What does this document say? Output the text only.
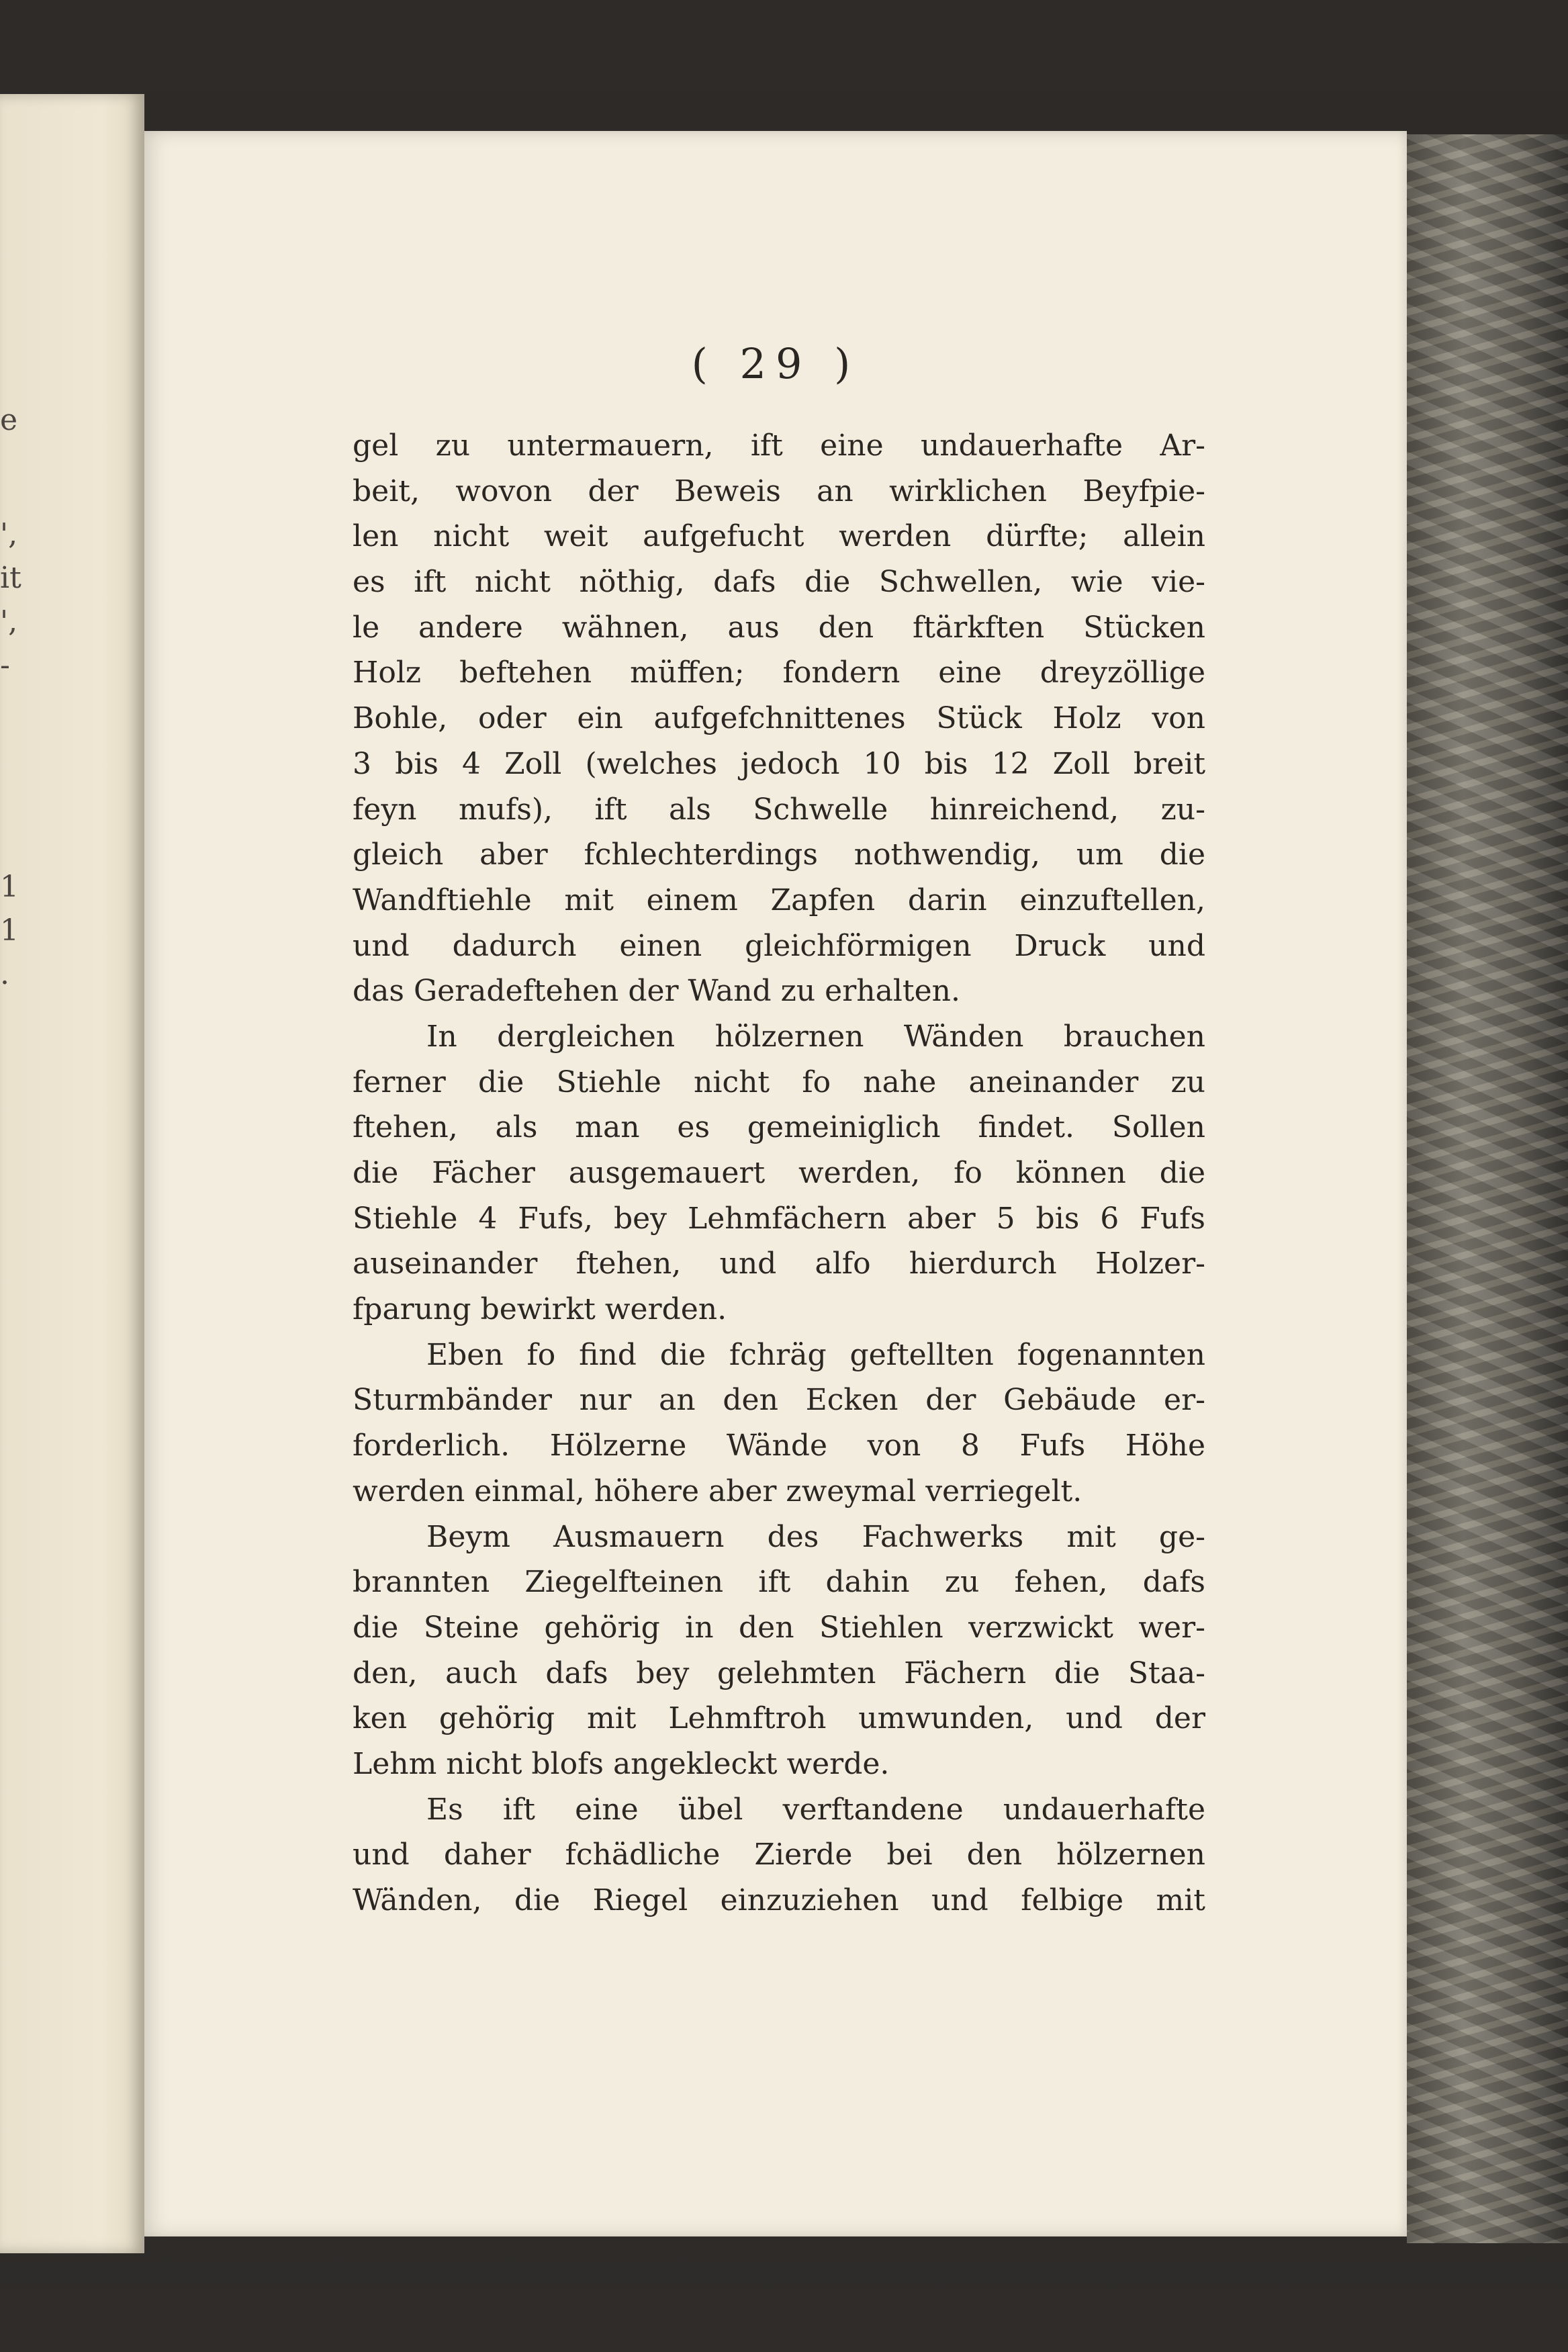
e
',
it
',
-
1
1
.
( 29 )
gel zu untermauern, ift eine undauerhafte Ar-
beit, wovon der Beweis an wirklichen Beyfpie-
len nicht weit aufgefucht werden dürfte; allein
es ift nicht nöthig, dafs die Schwellen, wie vie-
le andere wähnen, aus den ftärkften Stücken
Holz beftehen müffen; fondern eine dreyzöllige
Bohle, oder ein aufgefchnittenes Stück Holz von
3 bis 4 Zoll (welches jedoch 10 bis 12 Zoll breit
feyn mufs), ift als Schwelle hinreichend, zu-
gleich aber fchlechterdings nothwendig, um die
Wandftiehle mit einem Zapfen darin einzuftellen,
und dadurch einen gleichförmigen Druck und
das Geradeftehen der Wand zu erhalten.
In dergleichen hölzernen Wänden brauchen
ferner die Stiehle nicht fo nahe aneinander zu
ftehen, als man es gemeiniglich findet. Sollen
die Fächer ausgemauert werden, fo können die
Stiehle 4 Fufs, bey Lehmfächern aber 5 bis 6 Fufs
auseinander ftehen, und alfo hierdurch Holzer-
fparung bewirkt werden.
Eben fo find die fchräg geftellten fogenannten
Sturmbänder nur an den Ecken der Gebäude er-
forderlich. Hölzerne Wände von 8 Fufs Höhe
werden einmal, höhere aber zweymal verriegelt.
Beym Ausmauern des Fachwerks mit ge-
brannten Ziegelfteinen ift dahin zu fehen, dafs
die Steine gehörig in den Stiehlen verzwickt wer-
den, auch dafs bey gelehmten Fächern die Staa-
ken gehörig mit Lehmftroh umwunden, und der
Lehm nicht blofs angekleckt werde.
Es ift eine übel verftandene undauerhafte
und daher fchädliche Zierde bei den hölzernen
Wänden, die Riegel einzuziehen und felbige mit
